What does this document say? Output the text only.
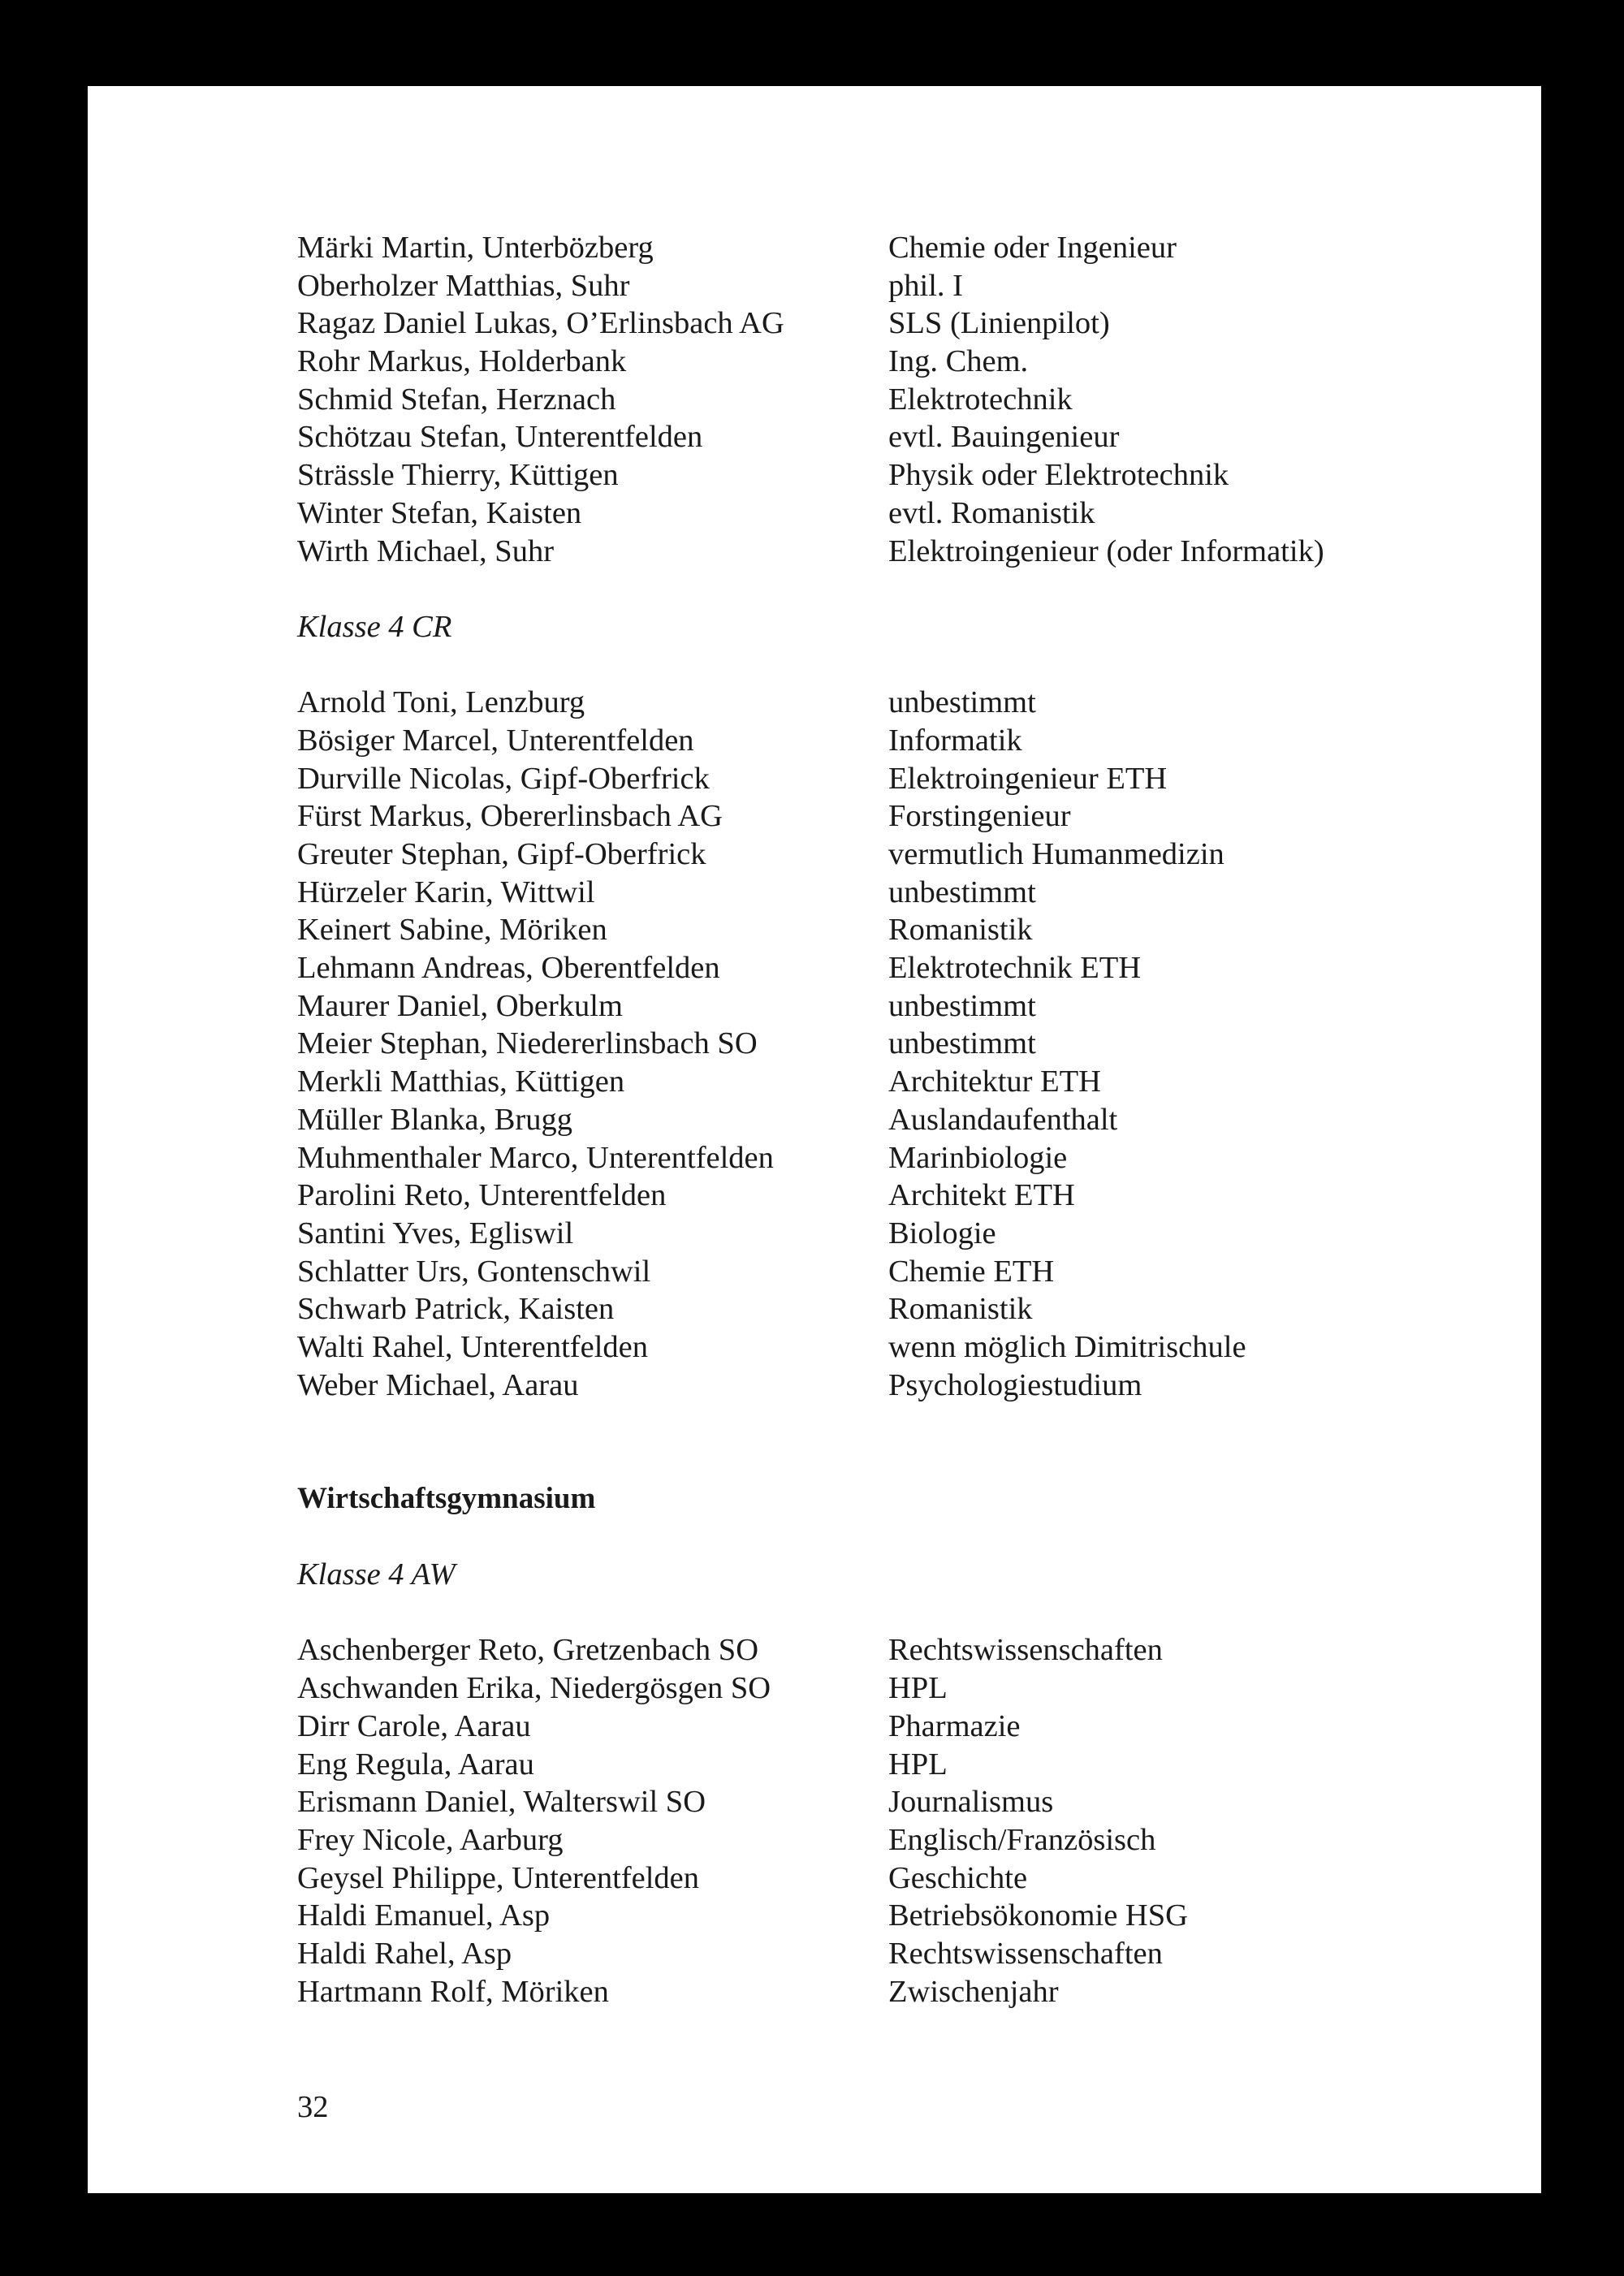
Märki Martin, Unterbözberg	Chemie oder Ingenieur
Oberholzer Matthias, Suhr	phil. I
Ragaz Daniel Lukas, O’Erlinsbach AG	SLS (Linienpilot)
Rohr Markus, Holderbank	Ing. Chem.
Schmid Stefan, Herznach	Elektrotechnik
Schötzau Stefan, Unterentfelden	evtl. Bauingenieur
Strässle Thierry, Küttigen	Physik oder Elektrotechnik
Winter Stefan, Kaisten	evtl. Romanistik
Wirth Michael, Suhr	Elektroingenieur (oder Informatik)
Klasse 4 CR
Arnold Toni, Lenzburg	unbestimmt
Bösiger Marcel, Unterentfelden	Informatik
Durville Nicolas, Gipf-Oberfrick	Elektroingenieur ETH
Fürst Markus, Obererlinsbach AG	Forstingenieur
Greuter Stephan, Gipf-Oberfrick	vermutlich Humanmedizin
Hürzeler Karin, Wittwil	unbestimmt
Keinert Sabine, Möriken	Romanistik
Lehmann Andreas, Oberentfelden	Elektrotechnik ETH
Maurer Daniel, Oberkulm	unbestimmt
Meier Stephan, Niedererlinsbach SO	unbestimmt
Merkli Matthias, Küttigen	Architektur ETH
Müller Blanka, Brugg	Auslandaufenthalt
Muhmenthaler Marco, Unterentfelden	Marinbiologie
Parolini Reto, Unterentfelden	Architekt ETH
Santini Yves, Egliswil	Biologie
Schlatter Urs, Gontenschwil	Chemie ETH
Schwarb Patrick, Kaisten	Romanistik
Walti Rahel, Unterentfelden	wenn möglich Dimitrischule
Weber Michael, Aarau	Psychologiestudium
Wirtschaftsgymnasium
Klasse 4 AW
Aschenberger Reto, Gretzenbach SO	Rechtswissenschaften
Aschwanden Erika, Niedergösgen SO	HPL
Dirr Carole, Aarau	Pharmazie
Eng Regula, Aarau	HPL
Erismann Daniel, Walterswil SO	Journalismus
Frey Nicole, Aarburg	Englisch/Französisch
Geysel Philippe, Unterentfelden	Geschichte
Haldi Emanuel, Asp	Betriebsökonomie HSG
Haldi Rahel, Asp	Rechtswissenschaften
Hartmann Rolf, Möriken	Zwischenjahr
32
